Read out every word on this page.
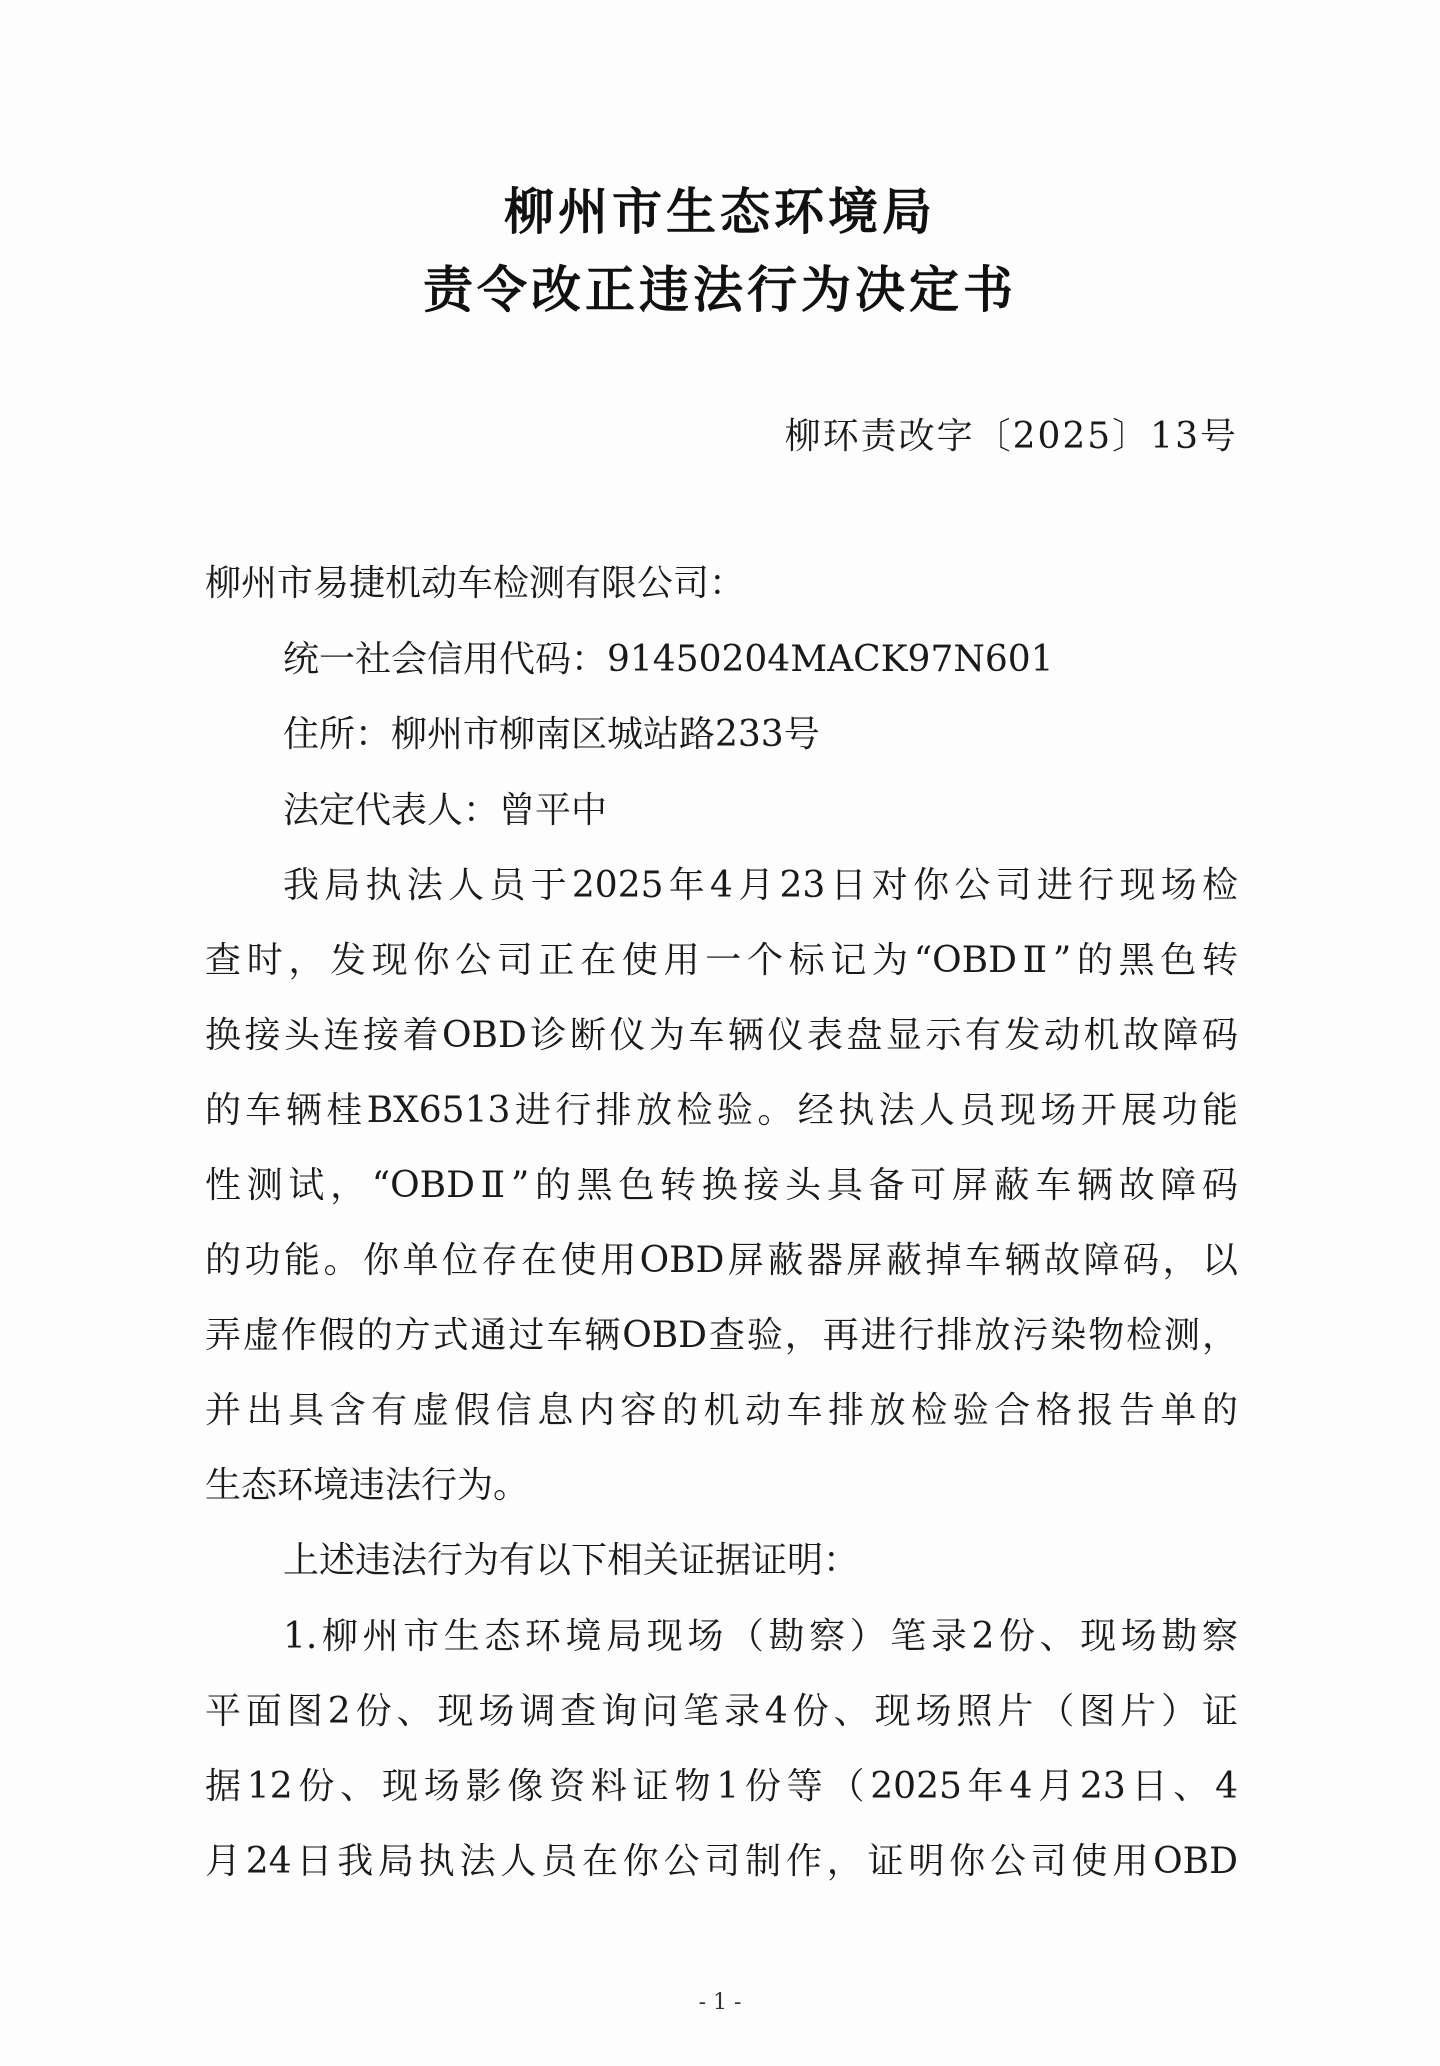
柳州市生态环境局
责令改正违法行为决定书
柳环责改字〔2025〕13号
柳州市易捷机动车检测有限公司：
统一社会信用代码：91450204MACK97N601
住所：柳州市柳南区城站路233号
法定代表人：曾平中
我局执法人员于2025年4月23日对你公司进行现场检
查时，发现你公司正在使用一个标记为“OBDⅡ”的黑色转
换接头连接着OBD诊断仪为车辆仪表盘显示有发动机故障码
的车辆桂BX6513进行排放检验。经执法人员现场开展功能
性测试，“OBDⅡ”的黑色转换接头具备可屏蔽车辆故障码
的功能。你单位存在使用OBD屏蔽器屏蔽掉车辆故障码，以
弄虚作假的方式通过车辆OBD查验，再进行排放污染物检测，
并出具含有虚假信息内容的机动车排放检验合格报告单的
生态环境违法行为。
上述违法行为有以下相关证据证明：
1.柳州市生态环境局现场（勘察）笔录2份、现场勘察
平面图2份、现场调查询问笔录4份、现场照片（图片）证
据12份、现场影像资料证物1份等（2025年4月23日、4
月24日我局执法人员在你公司制作，证明你公司使用OBD
- 1 -
